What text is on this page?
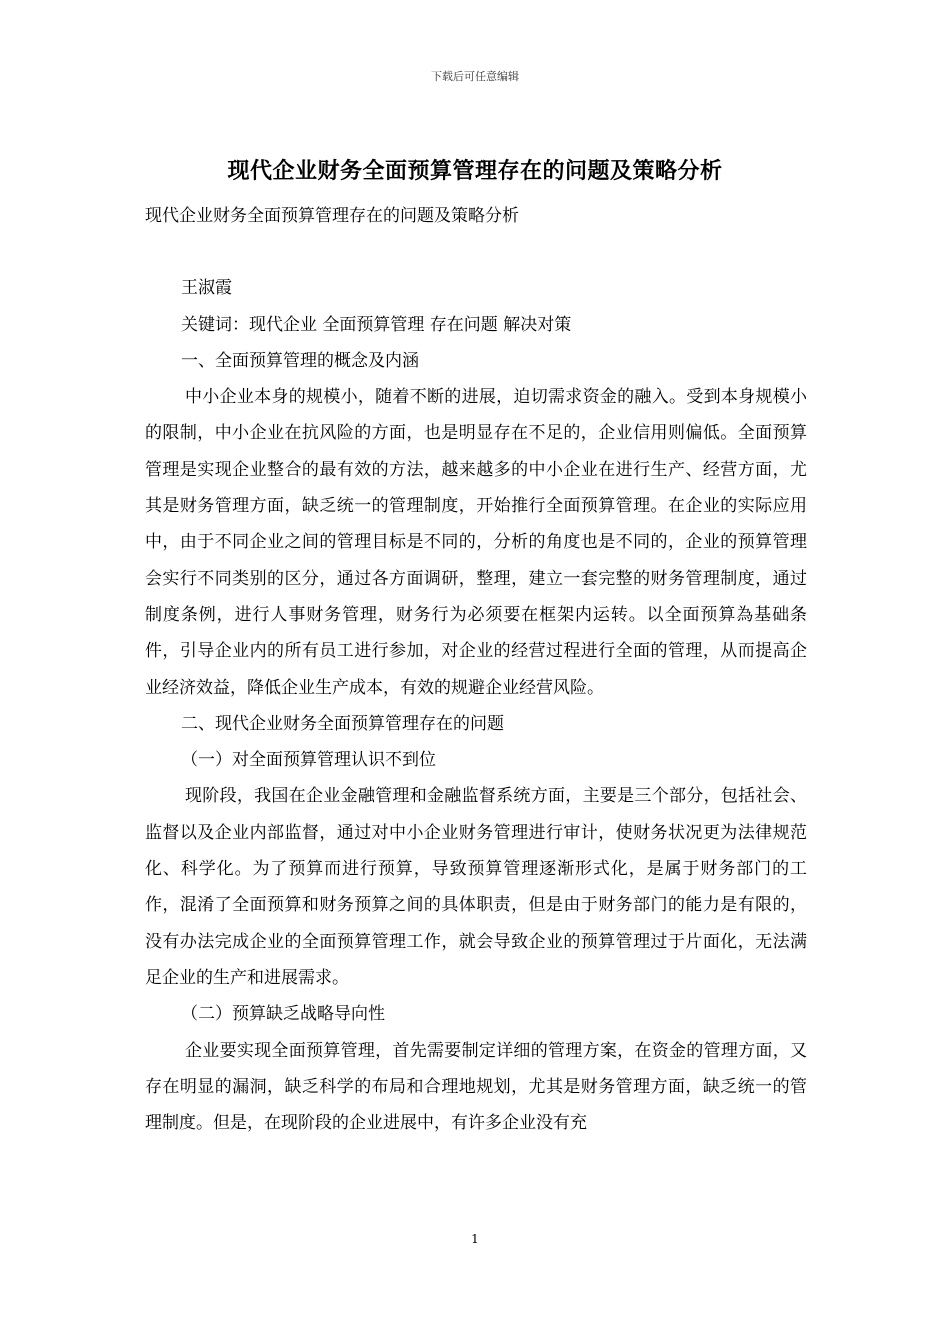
下载后可任意编辑
现代企业财务全面预算管理存在的问题及策略分析

现代企业财务全面预算管理存在的问题及策略分析

王淑霞

关键词：现代企业 全面预算管理 存在问题 解决对策

一、全面预算管理的概念及内涵

中小企业本身的规模小，随着不断的进展，迫切需求资金的融入。受到本身规模小的限制，中小企业在抗风险的方面，也是明显存在不足的，企业信用则偏低。全面预算管理是实现企业整合的最有效的方法，越来越多的中小企业在进行生产、经营方面，尤其是财务管理方面，缺乏统一的管理制度，开始推行全面预算管理。在企业的实际应用中，由于不同企业之间的管理目标是不同的，分析的角度也是不同的，企业的预算管理会实行不同类别的区分，通过各方面调研，整理，建立一套完整的财务管理制度，通过制度条例，进行人事财务管理，财务行为必须要在框架内运转。以全面预算為基础条件，引导企业内的所有员工进行参加，对企业的经营过程进行全面的管理，从而提高企业经济效益，降低企业生产成本，有效的规避企业经营风险。

二、现代企业财务全面预算管理存在的问题

（一）对全面预算管理认识不到位

现阶段，我国在企业金融管理和金融监督系统方面，主要是三个部分，包括社会、监督以及企业内部监督，通过对中小企业财务管理进行审计，使财务状况更为法律规范化、科学化。为了预算而进行预算，导致预算管理逐渐形式化，是属于财务部门的工作，混淆了全面预算和财务预算之间的具体职责，但是由于财务部门的能力是有限的，没有办法完成企业的全面预算管理工作，就会导致企业的预算管理过于片面化，无法满足企业的生产和进展需求。

（二）预算缺乏战略导向性

企业要实现全面预算管理，首先需要制定详细的管理方案，在资金的管理方面，又存在明显的漏洞，缺乏科学的布局和合理地规划，尤其是财务管理方面，缺乏统一的管理制度。但是，在现阶段的企业进展中，有许多企业没有充

1
